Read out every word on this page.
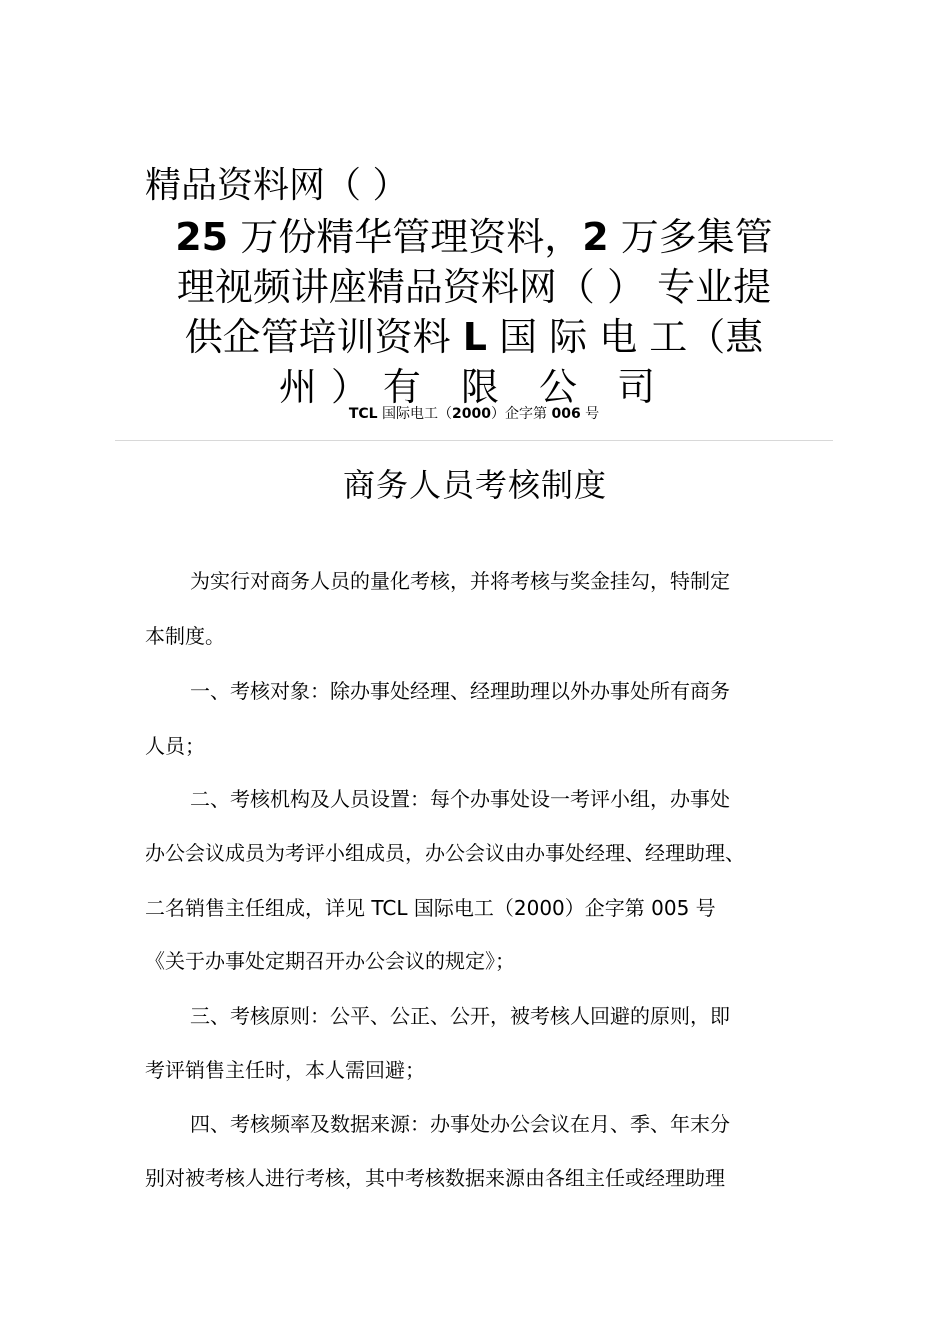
精品资料网（ ）
25 万份精华管理资料，2 万多集管
理视频讲座精品资料网（ ） 专业提
供企管培训资料 L 国 际 电 工（惠
州）有 限 公 司
TCL 国际电工（2000）企字第 006 号
商务人员考核制度
为实行对商务人员的量化考核，并将考核与奖金挂勾，特制定
本制度。
一、考核对象：除办事处经理、经理助理以外办事处所有商务
人员；
二、考核机构及人员设置：每个办事处设一考评小组，办事处
办公会议成员为考评小组成员，办公会议由办事处经理、经理助理、
二名销售主任组成，详见 TCL 国际电工（2000）企字第 005 号
《关于办事处定期召开办公会议的规定》；
三、考核原则：公平、公正、公开，被考核人回避的原则，即
考评销售主任时，本人需回避；
四、考核频率及数据来源：办事处办公会议在月、季、年末分
别对被考核人进行考核，其中考核数据来源由各组主任或经理助理
